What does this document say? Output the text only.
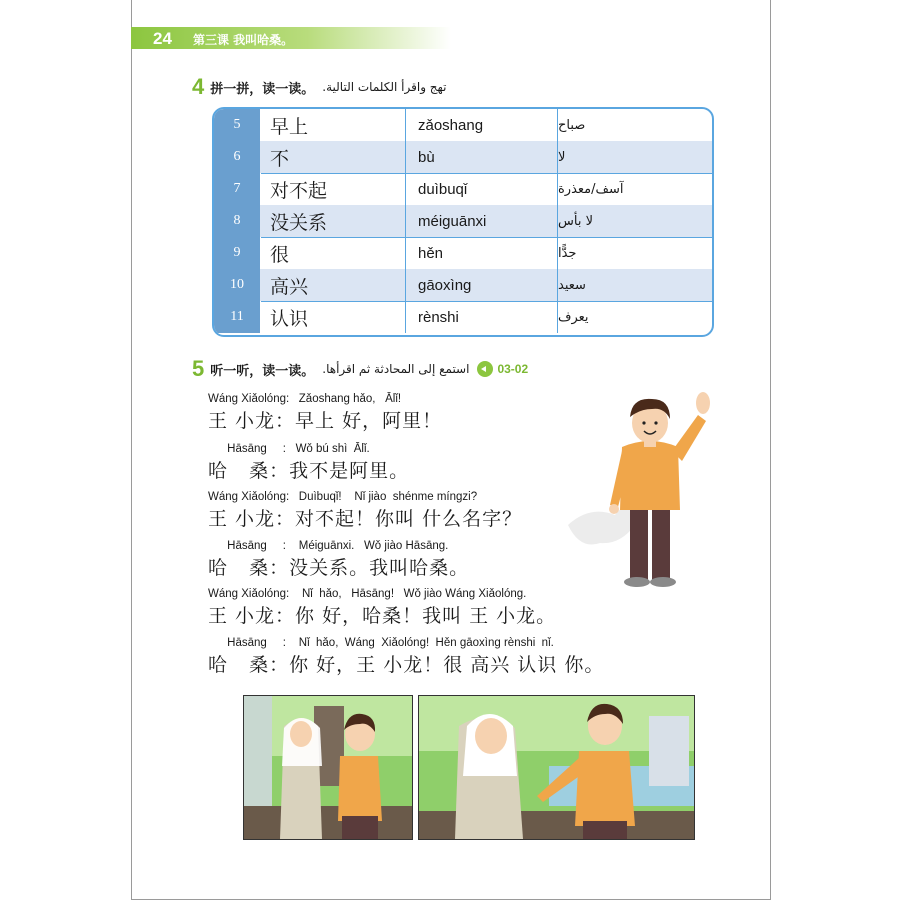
24 第三课 我叫哈桑。
4 拼一拼，读一读。 تهج واقرأ الكلمات التالية.
5	早上	zǎoshang	صباح
6	不	bù	لا
7	对不起	duìbuqǐ	آسف/معذرة
8	没关系	méiguānxi	لا بأس
9	很	hěn	جدًّا
10	高兴	gāoxìng	سعيد
11	认识	rènshi	يعرف
5 听一听，读一读。 استمع إلى المحادثة ثم اقرأها. 03-02
Wáng Xiǎolóng:   Zǎoshang hǎo,   Ālǐ!
王 小龙：早上 好，阿里！
Hāsāng     :   Wǒ bú shì  Ālǐ.
哈   桑：我不是阿里。
Wáng Xiǎolóng:   Duìbuqǐ!    Nǐ jiào  shénme míngzi?
王 小龙：对不起！你叫 什么名字？
Hāsāng     :    Méiguānxi.   Wǒ jiào Hāsāng.
哈   桑：没关系。我叫哈桑。
Wáng Xiǎolóng:    Nǐ  hǎo,   Hāsāng!   Wǒ jiào Wáng Xiǎolóng.
王 小龙：你 好，哈桑！我叫 王 小龙。
Hāsāng     :    Nǐ  hǎo,  Wáng  Xiǎolóng!  Hěn gāoxìng rènshi  nǐ.
哈   桑：你 好，王 小龙！很 高兴 认识 你。
